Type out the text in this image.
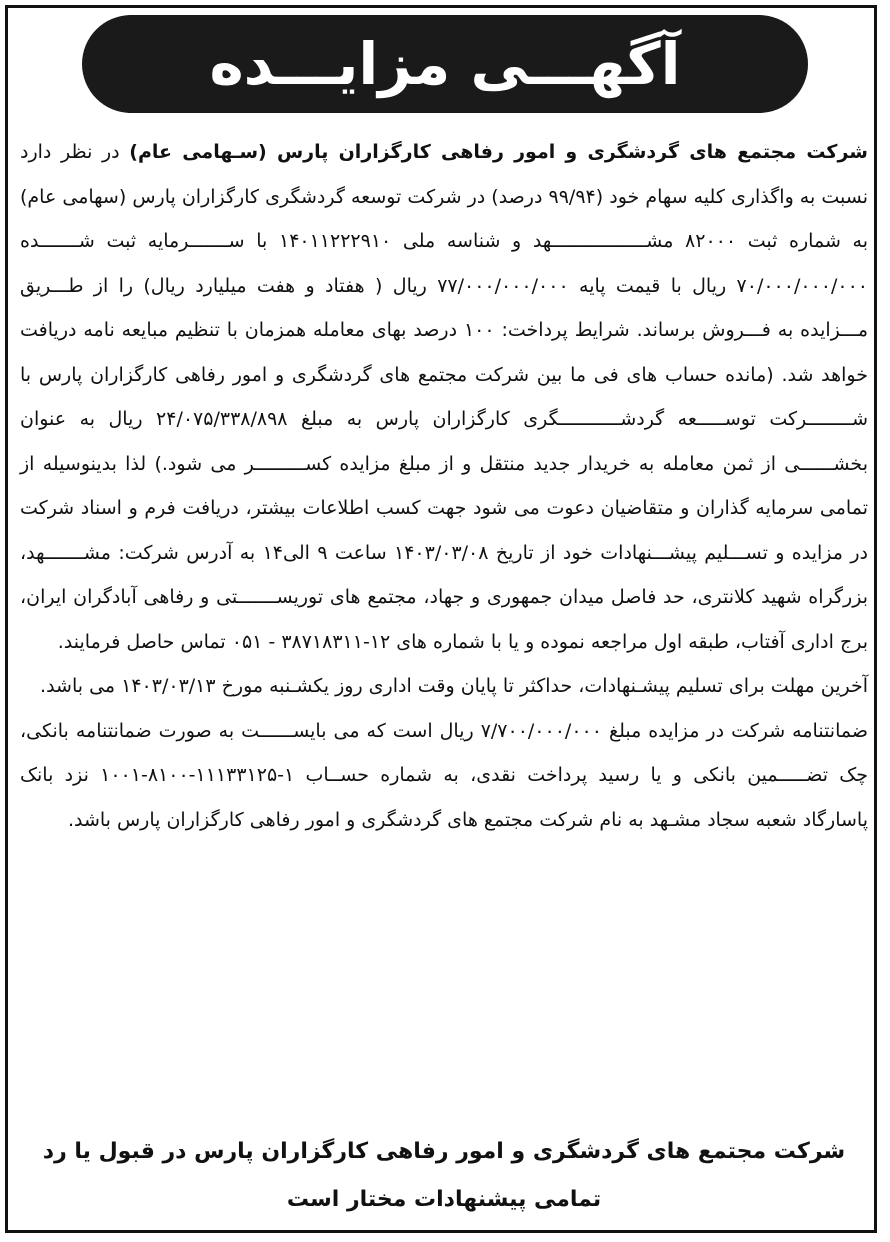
آگهـــی مزایـــده

شرکت مجتمع های گردشگری و امور رفاهی کارگزاران پارس (سـهامی عام) در نظر دارد نسبت به واگذاری کلیه سهام خود (۹۹/۹۴ درصد) در شرکت توسعه گردشگری کارگزاران پارس (سهامی عام) به شماره ثبت ۸۲۰۰۰ مشـــــــــــــــــهد و شناسه ملی ۱۴۰۱۱۲۲۲۹۱۰ با ســـــــرمایه ثبت شـــــــده ۷۰/۰۰۰/۰۰۰/۰۰۰ ریال با قیمت پایه ۷۷/۰۰۰/۰۰۰/۰۰۰ ریال ( هفتاد و هفت میلیارد ریال) را از طـــریق مـــزایده به فـــروش برساند. شرایط پرداخت: ۱۰۰ درصد بهای معامله همزمان با تنظیم مبایعه نامه دریافت خواهد شد. (مانده حساب های فی ما بین شرکت مجتمع های گردشگری و امور رفاهی کارگزاران پارس با شــــــــرکت توســـــعه گردشـــــــــــگری کارگزاران پارس به مبلغ ۲۴/۰۷۵/۳۳۸/۸۹۸ ریال به عنوان بخشــــــی از ثمن معامله به خریدار جدید منتقل و از مبلغ مزایده کســـــــــر می شود.) لذا بدینوسیله از تمامی سرمایه گذاران و متقاضیان دعوت می شود جهت کسب اطلاعات بیشتر، دریافت فرم و اسناد شرکت در مزایده و تســـلیم پیشـــنهادات خود از تاریخ ۱۴۰۳/۰۳/۰۸ ساعت ۹ الی۱۴ به آدرس شرکت: مشـــــــهد، بزرگراه شهید کلانتری، حد فاصل میدان جمهوری و جهاد، مجتمع های توریســـــــتی و رفاهی آبادگران ایران، برج اداری آفتاب، طبقه اول مراجعه نموده و یا با شماره های ۱۲-۳۸۷۱۸۳۱۱ - ۰۵۱ تماس حاصل فرمایند.

آخرین مهلت برای تسلیم پیشـنهادات، حداکثر تا پایان وقت اداری روز یکشـنبه مورخ ۱۴۰۳/۰۳/۱۳ می باشد.

ضمانتنامه شرکت در مزایده مبلغ ۷/۷۰۰/۰۰۰/۰۰۰ ریال است که می بایســــــت به صورت ضمانتنامه بانکی، چک تضـــــمین بانکی و یا رسید پرداخت نقدی، به شماره حســاب ۱-۱۱۱۳۳۱۲۵-۸۱۰۰-۱۰۰۱ نزد بانک پاسارگاد شعبه سجاد مشـهد به نام شرکت مجتمع های گردشگری و امور رفاهی کارگزاران پارس باشد.

شرکت مجتمع های گردشگری و امور رفاهی کارگزاران پارس در قبول یا رد
تمامی پیشنهادات مختار است
